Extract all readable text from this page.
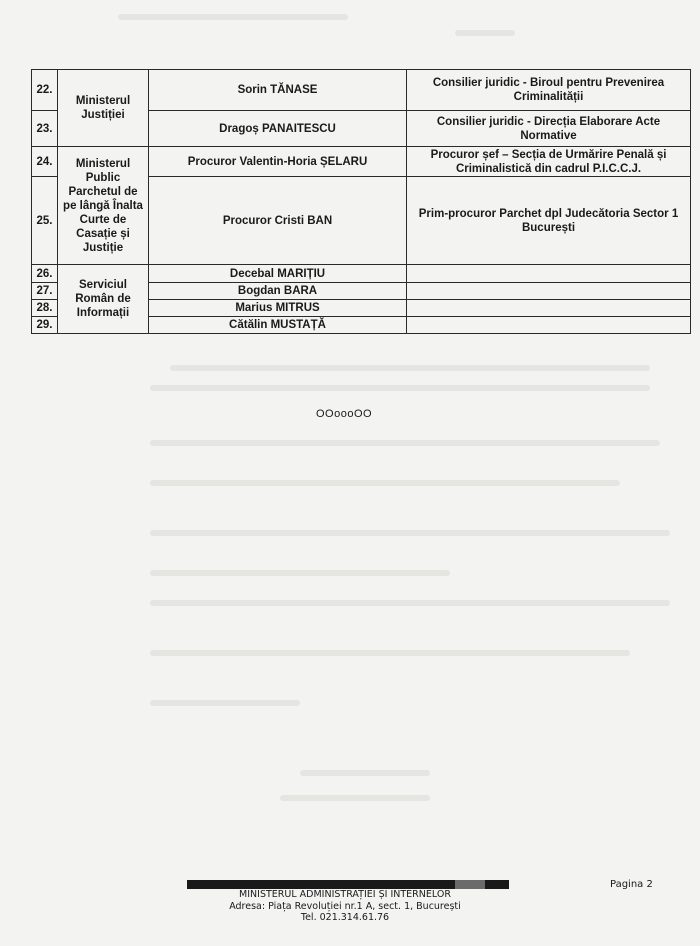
22.	Ministerul Justiției	Sorin TĂNASE	Consilier juridic - Biroul pentru Prevenirea Criminalității
23.		Dragoș PANAITESCU	Consilier juridic - Direcția Elaborare Acte Normative
24.	Ministerul Public Parchetul de pe lângă Înalta Curte de Casație și Justiție	Procuror Valentin-Horia ȘELARU	Procuror șef – Secția de Urmărire Penală și Criminalistică din cadrul P.I.C.C.J.
25.		Procuror Cristi BAN	Prim-procuror Parchet dpl Judecătoria Sector 1 București
26.	Serviciul Român de Informații	Decebal MARIȚIU	
27.		Bogdan BARA	
28.		Marius MITRUS	
29.		Cătălin MUSTAȚĂ	
OOoooOO
Pagina 2
MINISTERUL ADMINISTRAȚIEI ȘI INTERNELOR
Adresa: Piața Revoluției nr.1 A, sect. 1, București
Tel. 021.314.61.76
